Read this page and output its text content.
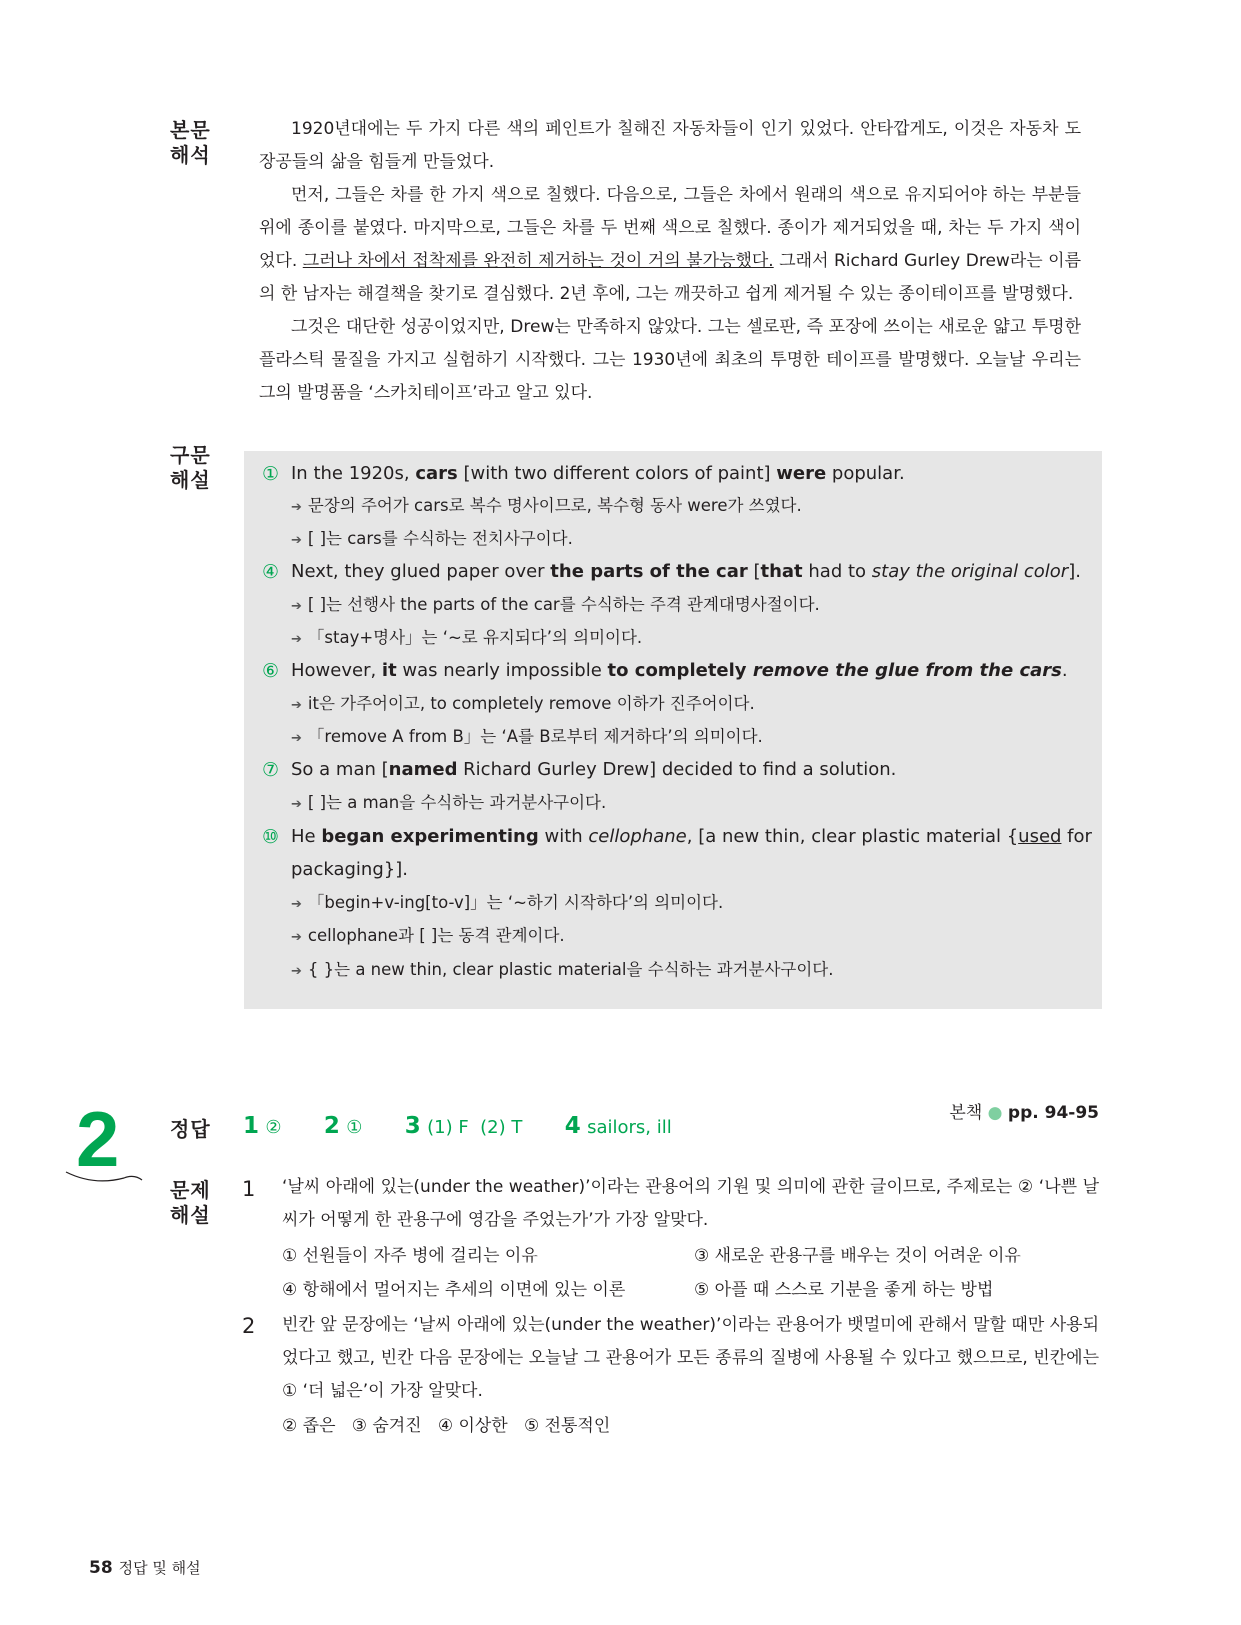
본문
해석

1920년대에는 두 가지 다른 색의 페인트가 칠해진 자동차들이 인기 있었다. 안타깝게도, 이것은 자동차 도장공들의 삶을 힘들게 만들었다.

먼저, 그들은 차를 한 가지 색으로 칠했다. 다음으로, 그들은 차에서 원래의 색으로 유지되어야 하는 부분들 위에 종이를 붙였다. 마지막으로, 그들은 차를 두 번째 색으로 칠했다. 종이가 제거되었을 때, 차는 두 가지 색이었다. 그러나 차에서 접착제를 완전히 제거하는 것이 거의 불가능했다. 그래서 Richard Gurley Drew라는 이름의 한 남자는 해결책을 찾기로 결심했다. 2년 후에, 그는 깨끗하고 쉽게 제거될 수 있는 종이테이프를 발명했다.

그것은 대단한 성공이었지만, Drew는 만족하지 않았다. 그는 셀로판, 즉 포장에 쓰이는 새로운 얇고 투명한 플라스틱 물질을 가지고 실험하기 시작했다. 그는 1930년에 최초의 투명한 테이프를 발명했다. 오늘날 우리는 그의 발명품을 ‘스카치테이프’라고 알고 있다.

구문
해설	① In the 1920s, cars [with two different colors of paint] were popular.
➔ 문장의 주어가 cars로 복수 명사이므로, 복수형 동사 were가 쓰였다.
➔ [ ]는 cars를 수식하는 전치사구이다.
④ Next, they glued paper over the parts of the car [that had to stay the original color].
➔ [ ]는 선행사 the parts of the car를 수식하는 주격 관계대명사절이다.
➔ 「stay+명사」는 ‘~로 유지되다’의 의미이다.
⑥ However, it was nearly impossible to completely remove the glue from the cars.
➔ it은 가주어이고, to completely remove 이하가 진주어이다.
➔ 「remove A from B」는 ‘A를 B로부터 제거하다’의 의미이다.
⑦ So a man [named Richard Gurley Drew] decided to find a solution.
➔ [ ]는 a man을 수식하는 과거분사구이다.
⑩ He began experimenting with cellophane, [a new thin, clear plastic material {used for
packaging}].
➔ 「begin+v-ing[to-v]」는 ‘~하기 시작하다’의 의미이다.
➔ cellophane과 [ ]는 동격 관계이다.
➔ { }는 a new thin, clear plastic material을 수식하는 과거분사구이다.
2	본책 ● pp. 94-95
정답 1 ② 2 ① 3 (1) F  (2) T 4 sailors, ill
문제
해설
1 ‘날씨 아래에 있는(under the weather)’이라는 관용어의 기원 및 의미에 관한 글이므로, 주제로는 ② ‘나쁜 날씨가 어떻게 한 관용구에 영감을 주었는가’가 가장 알맞다.
① 선원들이 자주 병에 걸리는 이유	③ 새로운 관용구를 배우는 것이 어려운 이유
④ 항해에서 멀어지는 추세의 이면에 있는 이론	⑤ 아플 때 스스로 기분을 좋게 하는 방법
2 빈칸 앞 문장에는 ‘날씨 아래에 있는(under the weather)’이라는 관용어가 뱃멀미에 관해서 말할 때만 사용되었다고 했고, 빈칸 다음 문장에는 오늘날 그 관용어가 모든 종류의 질병에 사용될 수 있다고 했으므로, 빈칸에는 ① ‘더 넓은’이 가장 알맞다.
② 좁은   ③ 숨겨진   ④ 이상한   ⑤ 전통적인
58 정답 및 해설
